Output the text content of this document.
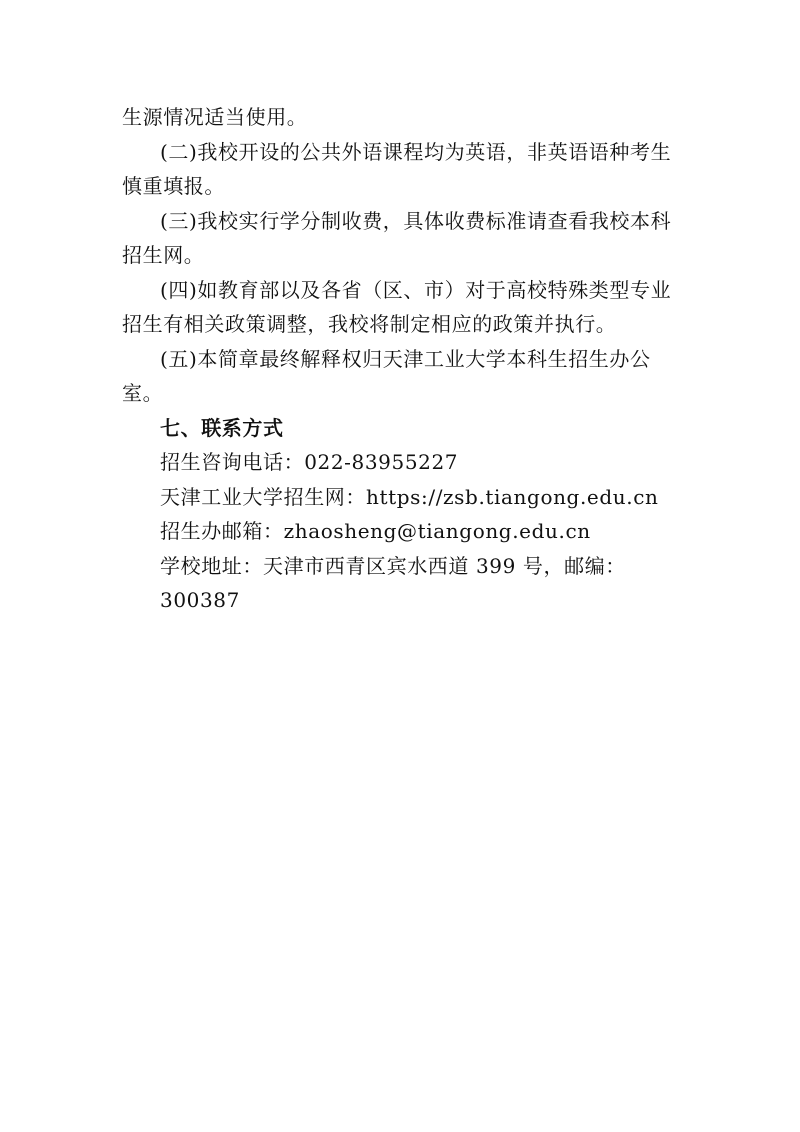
生源情况适当使用。

(二)我校开设的公共外语课程均为英语，非英语语种考生慎重填报。

(三)我校实行学分制收费，具体收费标准请查看我校本科招生网。

(四)如教育部以及各省（区、市）对于高校特殊类型专业招生有相关政策调整，我校将制定相应的政策并执行。

(五)本简章最终解释权归天津工业大学本科生招生办公室。

七、联系方式

招生咨询电话：022-83955227

天津工业大学招生网：https://zsb.tiangong.edu.cn

招生办邮箱：zhaosheng@tiangong.edu.cn

学校地址：天津市西青区宾水西道 399 号，邮编：300387
